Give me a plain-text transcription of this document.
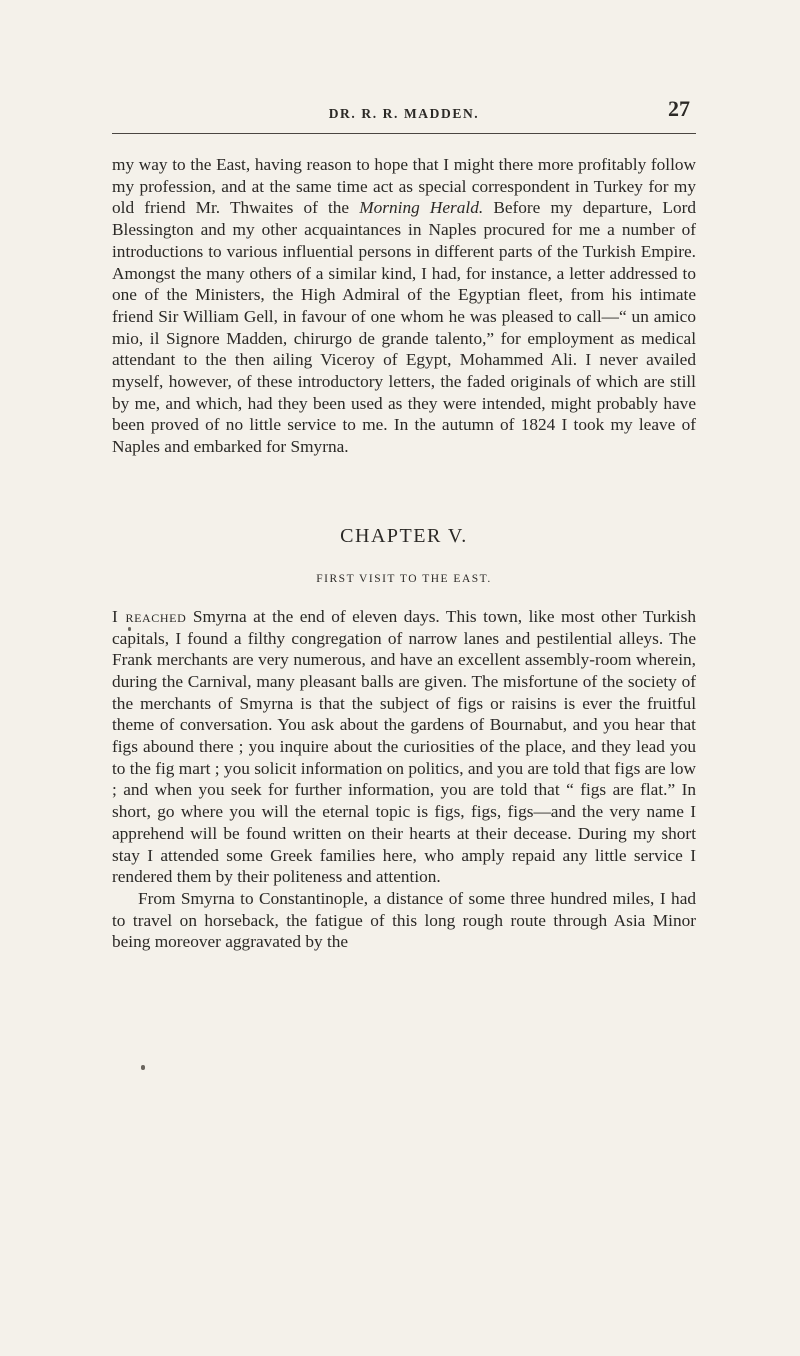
DR. R. R. MADDEN.	27

my way to the East, having reason to hope that I might there more profitably follow my profession, and at the same time act as special correspondent in Turkey for my old friend Mr. Thwaites of the Morning Herald. Before my departure, Lord Blessington and my other acquaintances in Naples procured for me a number of introductions to various influential persons in different parts of the Turkish Empire. Amongst the many others of a similar kind, I had, for instance, a letter addressed to one of the Ministers, the High Admiral of the Egyptian fleet, from his intimate friend Sir William Gell, in favour of one whom he was pleased to call—“ un amico mio, il Signore Madden, chirurgo de grande talento,” for employment as medical attendant to the then ailing Viceroy of Egypt, Mohammed Ali. I never availed myself, however, of these introductory letters, the faded originals of which are still by me, and which, had they been used as they were intended, might probably have been proved of no little service to me. In the autumn of 1824 I took my leave of Naples and embarked for Smyrna.

CHAPTER V.
FIRST VISIT TO THE EAST.

I reached Smyrna at the end of eleven days. This town, like most other Turkish capitals, I found a filthy congregation of narrow lanes and pestilential alleys. The Frank merchants are very numerous, and have an excellent assembly-room wherein, during the Carnival, many pleasant balls are given. The misfortune of the society of the merchants of Smyrna is that the subject of figs or raisins is ever the fruitful theme of conversation. You ask about the gardens of Bournabut, and you hear that figs abound there ; you inquire about the curiosities of the place, and they lead you to the fig mart ; you solicit information on politics, and you are told that figs are low ; and when you seek for further information, you are told that “ figs are flat.” In short, go where you will the eternal topic is figs, figs, figs—and the very name I apprehend will be found written on their hearts at their decease. During my short stay I attended some Greek families here, who amply repaid any little service I rendered them by their politeness and attention.

From Smyrna to Constantinople, a distance of some three hundred miles, I had to travel on horseback, the fatigue of this long rough route through Asia Minor being moreover aggravated by the
